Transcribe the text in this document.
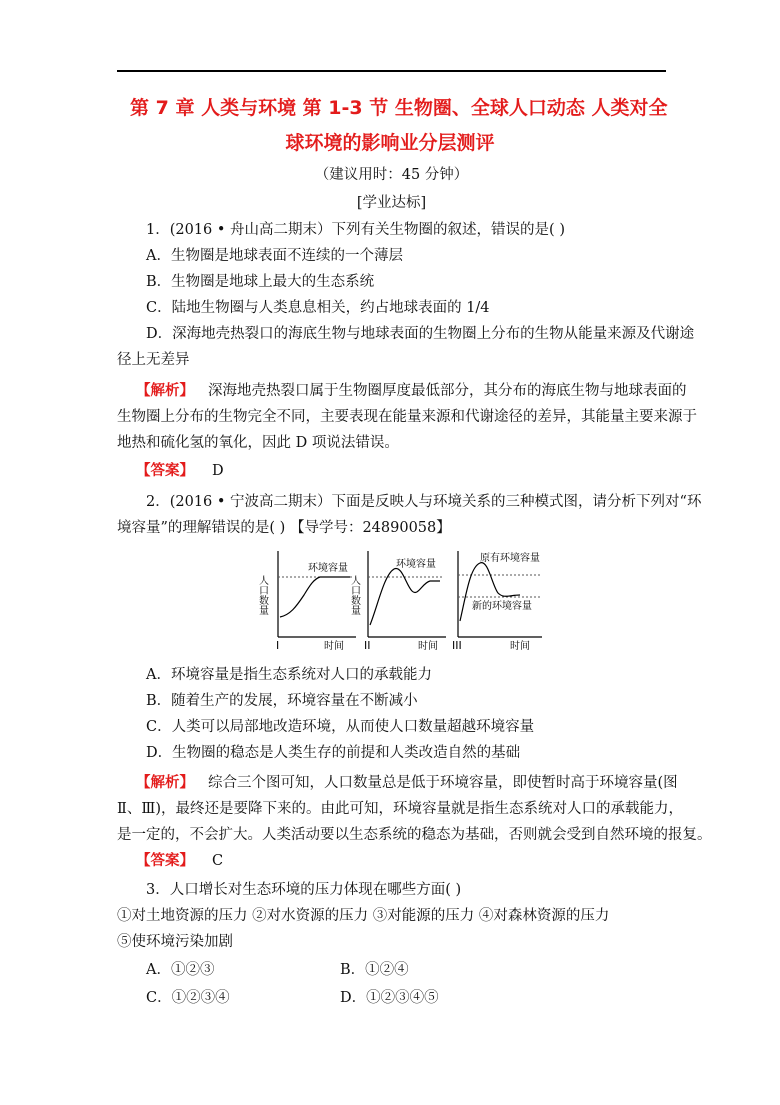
第 7 章 人类与环境 第 1-3 节 生物圈、全球人口动态 人类对全
球环境的影响业分层测评
（建议用时：45 分钟）
[学业达标]
1．(2016 • 舟山高二期末）下列有关生物圈的叙述，错误的是( )
A．生物圈是地球表面不连续的一个薄层
B．生物圈是地球上最大的生态系统
C．陆地生物圈与人类息息相关，约占地球表面的 1/4
D．深海地壳热裂口的海底生物与地球表面的生物圈上分布的生物从能量来源及代谢途
径上无差异
【解析】 深海地壳热裂口属于生物圈厚度最低部分，其分布的海底生物与地球表面的
生物圈上分布的生物完全不同，主要表现在能量来源和代谢途径的差异，其能量主要来源于
地热和硫化氢的氧化，因此 D 项说法错误。
【答案】 D
2．(2016 • 宁波高二期末）下面是反映人与环境关系的三种模式图，请分析下列对“环
境容量”的理解错误的是( ) 【导学号：24890058】
人口数量
环境容量
I	时间
人口数量
环境容量
II	时间
原有环境容量
新的环境容量
III	时间
A．环境容量是指生态系统对人口的承载能力
B．随着生产的发展，环境容量在不断减小
C．人类可以局部地改造环境，从而使人口数量超越环境容量
D．生物圈的稳态是人类生存的前提和人类改造自然的基础
【解析】 综合三个图可知，人口数量总是低于环境容量，即使暂时高于环境容量(图
Ⅱ、Ⅲ)，最终还是要降下来的。由此可知，环境容量就是指生态系统对人口的承载能力，
是一定的，不会扩大。人类活动要以生态系统的稳态为基础，否则就会受到自然环境的报复。
【答案】 C
3．人口增长对生态环境的压力体现在哪些方面( )
①对土地资源的压力 ②对水资源的压力 ③对能源的压力 ④对森林资源的压力
⑤使环境污染加剧
A．①②③	B．①②④
C．①②③④	D．①②③④⑤
